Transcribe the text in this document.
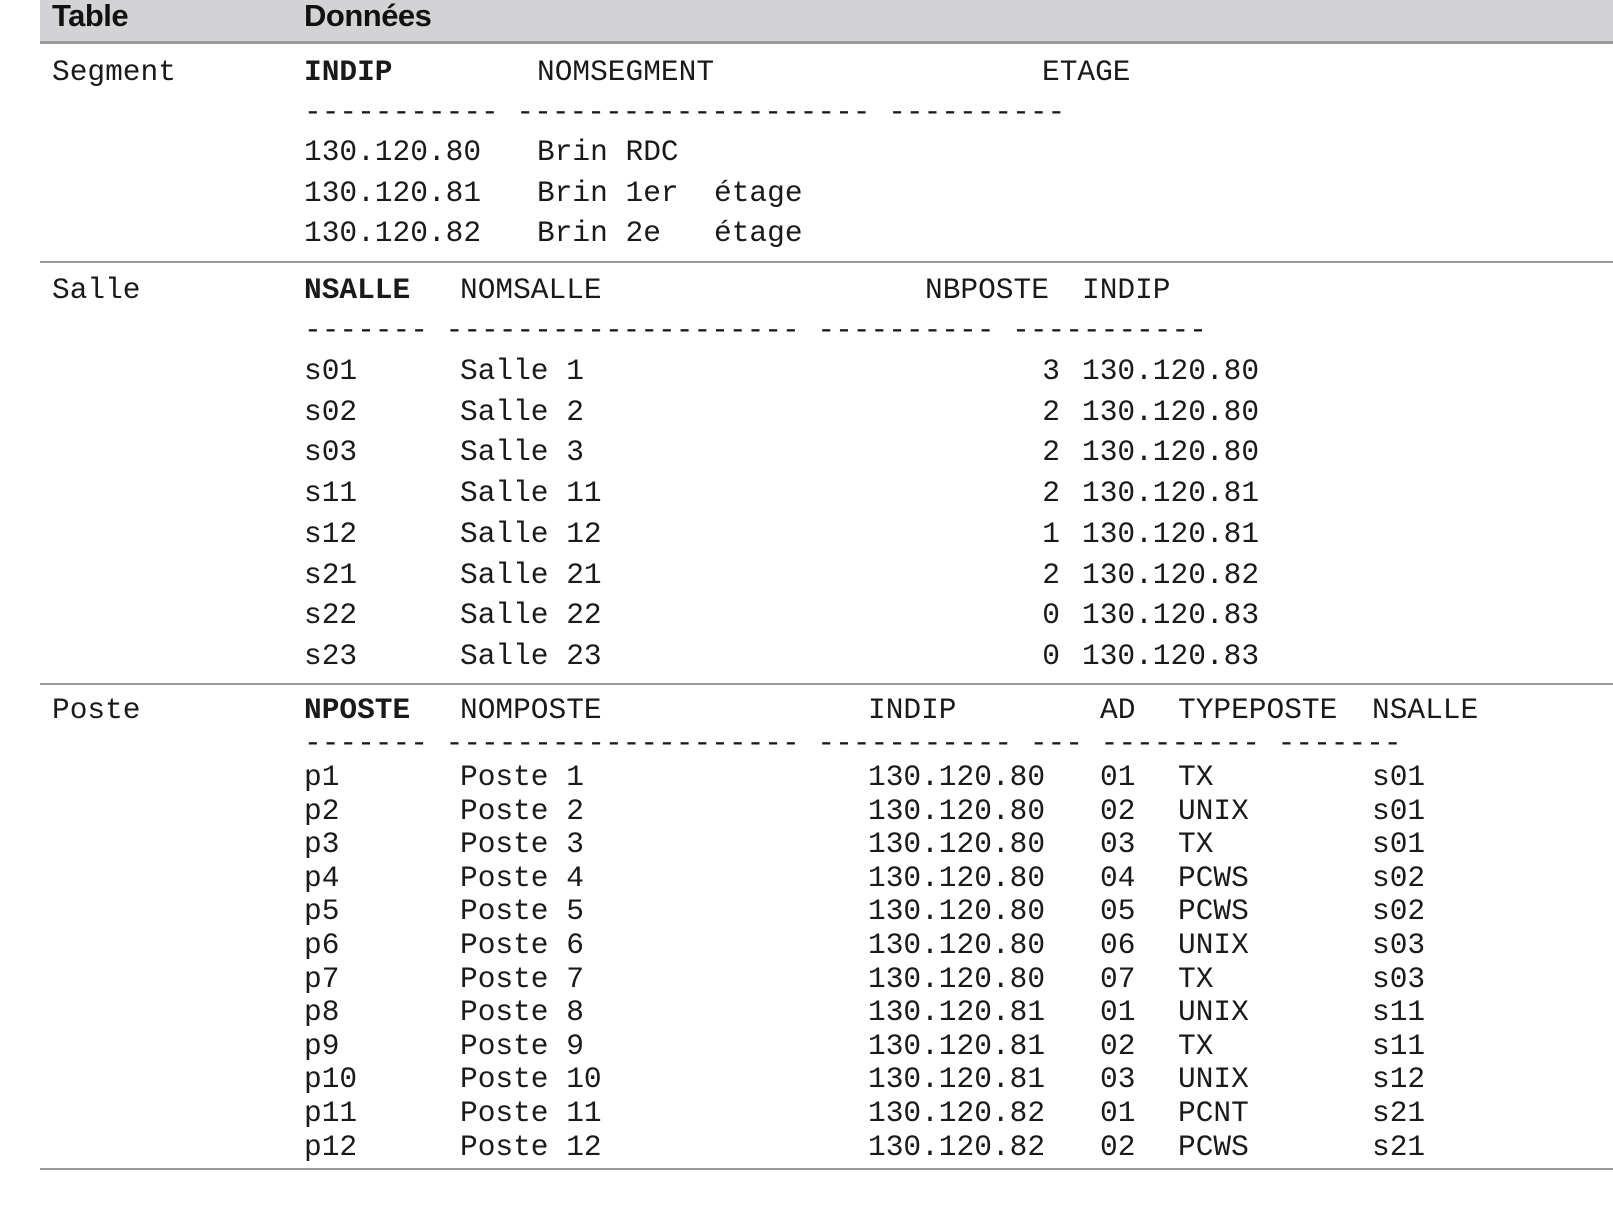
Table	Données
Segment	INDIP	NOMSEGMENT	ETAGE
----------- -------------------- ----------
130.120.80 Brin RDC
130.120.81 Brin 1er  étage
130.120.82 Brin 2e   étage
Salle	NSALLE NOMSALLE	NBPOSTE INDIP
------- -------------------- ---------- -----------
s01	Salle 1	3 130.120.80
s02	Salle 2	2 130.120.80
s03	Salle 3	2 130.120.80
s11	Salle 11	2 130.120.81
s12	Salle 12	1 130.120.81
s21	Salle 21	2 130.120.82
s22	Salle 22	0 130.120.83
s23	Salle 23	0 130.120.83
Poste	NPOSTE NOMPOSTE	INDIP	AD TYPEPOSTE NSALLE
------- -------------------- ----------- --- --------- -------
p1	Poste 1	130.120.80 01 TX	s01
p2	Poste 2	130.120.80 02 UNIX	s01
p3	Poste 3	130.120.80 03 TX	s01
p4	Poste 4	130.120.80 04 PCWS	s02
p5	Poste 5	130.120.80 05 PCWS	s02
p6	Poste 6	130.120.80 06 UNIX	s03
p7	Poste 7	130.120.80 07 TX	s03
p8	Poste 8	130.120.81 01 UNIX	s11
p9	Poste 9	130.120.81 02 TX	s11
p10	Poste 10	130.120.81 03 UNIX	s12
p11	Poste 11	130.120.82 01 PCNT	s21
p12	Poste 12	130.120.82 02 PCWS	s21
